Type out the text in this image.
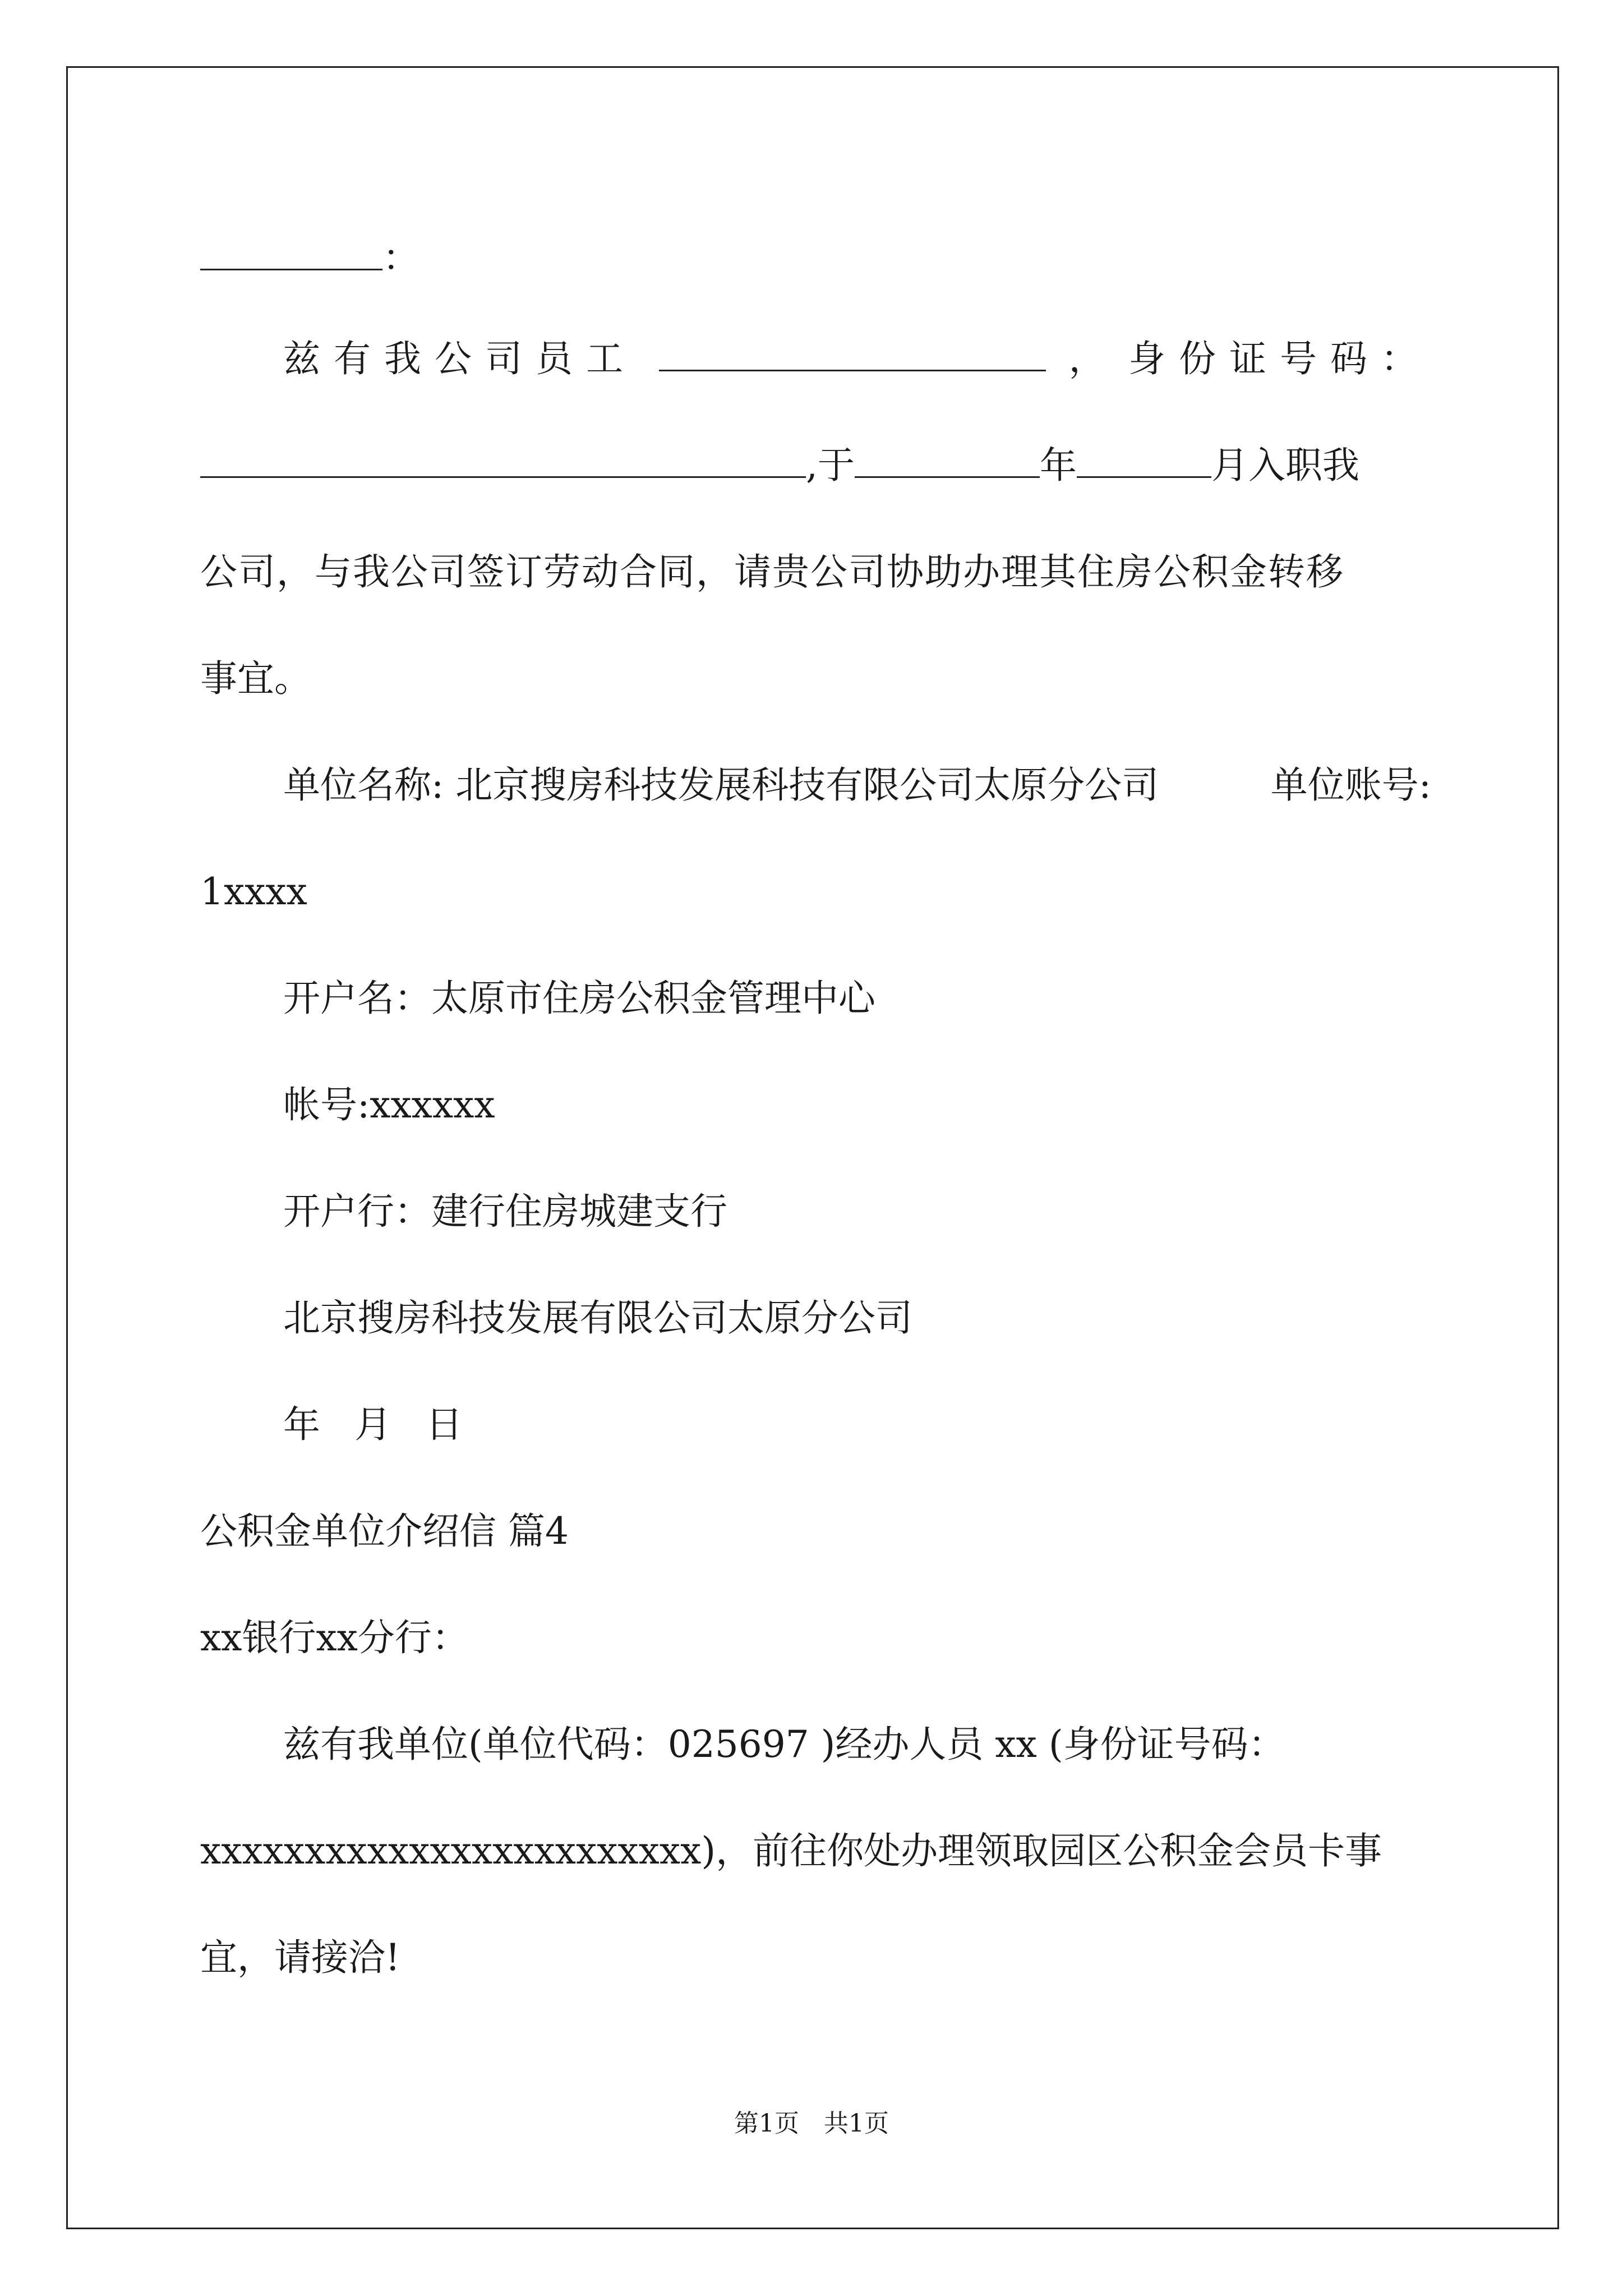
：
兹有我公司员工	， 身份证号码：
,于	年	月入职我
公司，与我公司签订劳动合同，请贵公司协助办理其住房公积金转移
事宜。
单位名称: 北京搜房科技发展科技有限公司太原分公司	单位账号:
1xxxx
开户名：太原市住房公积金管理中心
帐号:xxxxxx
开户行：建行住房城建支行
北京搜房科技发展有限公司太原分公司
年 月 日
公积金单位介绍信 篇4
xx银行xx分行：
兹有我单位(单位代码：025697 )经办人员 xx (身份证号码：
xxxxxxxxxxxxxxxxxxxxxxxx)，前往你处办理领取园区公积金会员卡事
宜，请接洽!
第1页　共1页
